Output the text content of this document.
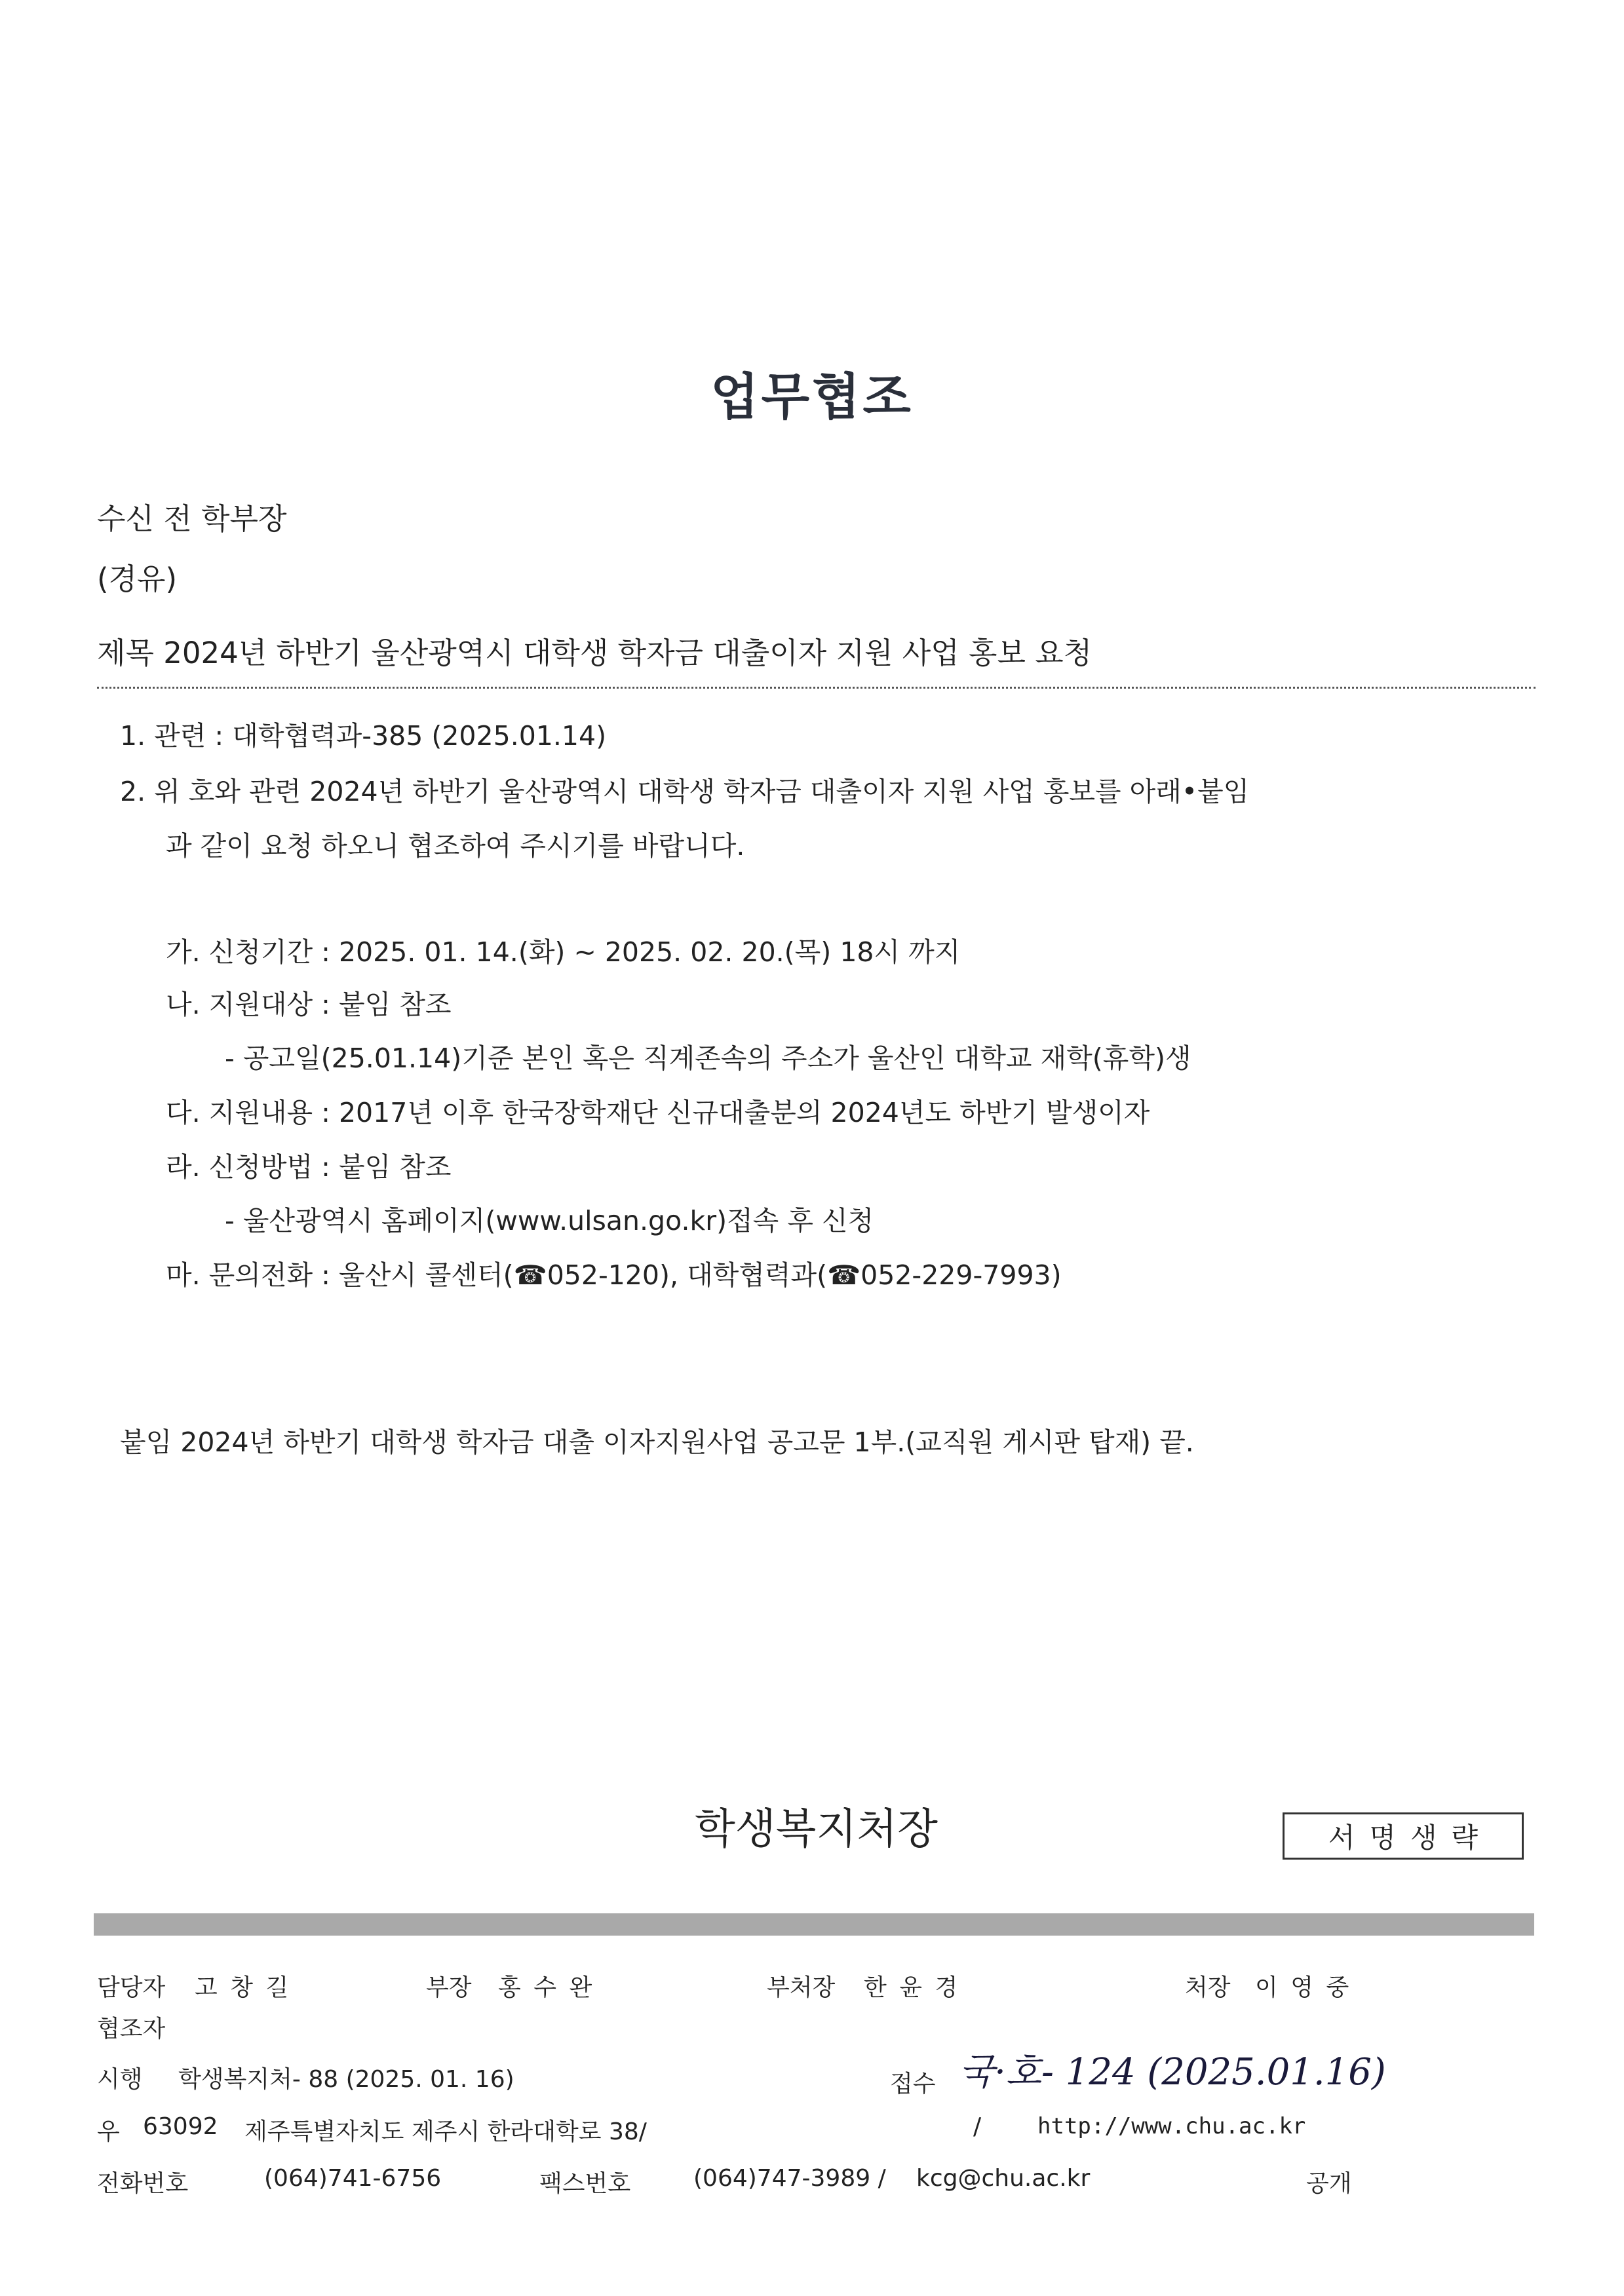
업무협조
수신 전 학부장
(경유)
제목 2024년 하반기 울산광역시 대학생 학자금 대출이자 지원 사업 홍보 요청
1. 관련 : 대학협력과-385 (2025.01.14)
2. 위 호와 관련 2024년 하반기 울산광역시 대학생 학자금 대출이자 지원 사업 홍보를 아래•붙임
과 같이 요청 하오니 협조하여 주시기를 바랍니다.
가. 신청기간 : 2025. 01. 14.(화) ~ 2025. 02. 20.(목) 18시 까지
나. 지원대상 : 붙임 참조
- 공고일(25.01.14)기준 본인 혹은 직계존속의 주소가 울산인 대학교 재학(휴학)생
다. 지원내용 : 2017년 이후 한국장학재단 신규대출분의 2024년도 하반기 발생이자
라. 신청방법 : 붙임 참조
- 울산광역시 홈페이지(www.ulsan.go.kr)접속 후 신청
마. 문의전화 : 울산시 콜센터(☎052-120), 대학협력과(☎052-229-7993)
붙임 2024년 하반기 대학생 학자금 대출 이자지원사업 공고문 1부.(교직원 게시판 탑재) 끝.
학생복지처장	서명생략
담당자 고 창 길	부장 홍 수 완	부처장 한 윤 경	처장 이 영 중
협조자
시행 학생복지처- 88 (2025. 01. 16)	접수 국·호- 124 (2025.01.16)
우 63092 제주특별자치도 제주시 한라대학로 38/	/	http://www.chu.ac.kr
전화번호	(064)741-6756	팩스번호	(064)747-3989 / kcg@chu.ac.kr	공개
